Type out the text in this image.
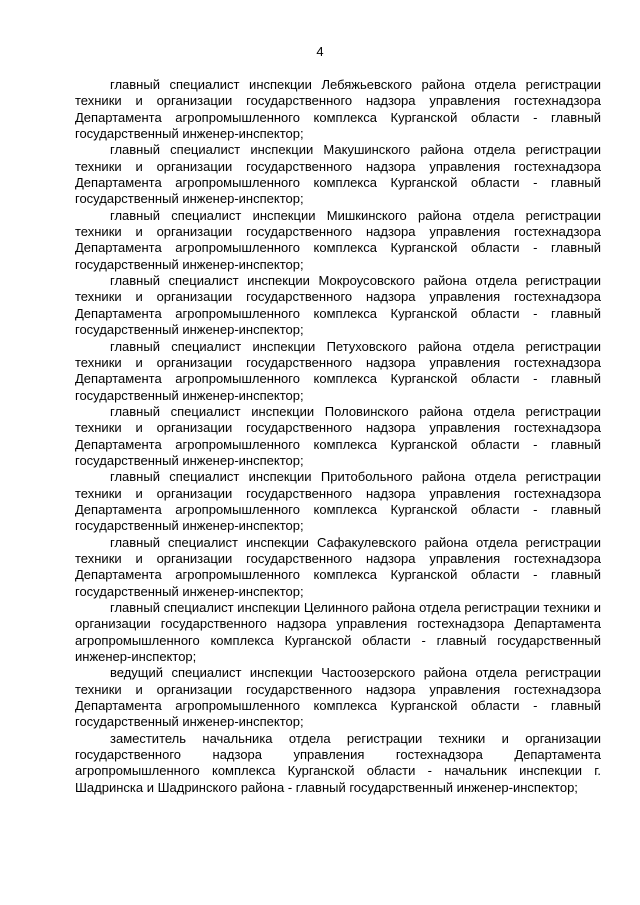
4

главный специалист инспекции Лебяжьевского района отдела регистрации техники и организации государственного надзора управления гостехнадзора Департамента агропромышленного комплекса Курганской области - главный государственный инженер-инспектор;

главный специалист инспекции Макушинского района отдела регистрации техники и организации государственного надзора управления гостехнадзора Департамента агропромышленного комплекса Курганской области - главный государственный инженер-инспектор;

главный специалист инспекции Мишкинского района отдела регистрации техники и организации государственного надзора управления гостехнадзора Департамента агропромышленного комплекса Курганской области - главный государственный инженер-инспектор;

главный специалист инспекции Мокроусовского района отдела регистрации техники и организации государственного надзора управления гостехнадзора Департамента агропромышленного комплекса Курганской области - главный государственный инженер-инспектор;

главный специалист инспекции Петуховского района отдела регистрации техники и организации государственного надзора управления гостехнадзора Департамента агропромышленного комплекса Курганской области - главный государственный инженер-инспектор;

главный специалист инспекции Половинского района отдела регистрации техники и организации государственного надзора управления гостехнадзора Департамента агропромышленного комплекса Курганской области - главный государственный инженер-инспектор;

главный специалист инспекции Притобольного района отдела регистрации техники и организации государственного надзора управления гостехнадзора Департамента агропромышленного комплекса Курганской области - главный государственный инженер-инспектор;

главный специалист инспекции Сафакулевского района отдела регистрации техники и организации государственного надзора управления гостехнадзора Департамента агропромышленного комплекса Курганской области - главный государственный инженер-инспектор;

главный специалист инспекции Целинного района отдела регистрации техники и организации государственного надзора управления гостехнадзора Департамента агропромышленного комплекса Курганской области - главный государственный инженер-инспектор;

ведущий специалист инспекции Частоозерского района отдела регистрации техники и организации государственного надзора управления гостехнадзора Департамента агропромышленного комплекса Курганской области - главный государственный инженер-инспектор;

заместитель начальника отдела регистрации техники и организации государственного надзора управления гостехнадзора Департамента агропромышленного комплекса Курганской области - начальник инспекции г. Шадринска и Шадринского района - главный государственный инженер-инспектор;
